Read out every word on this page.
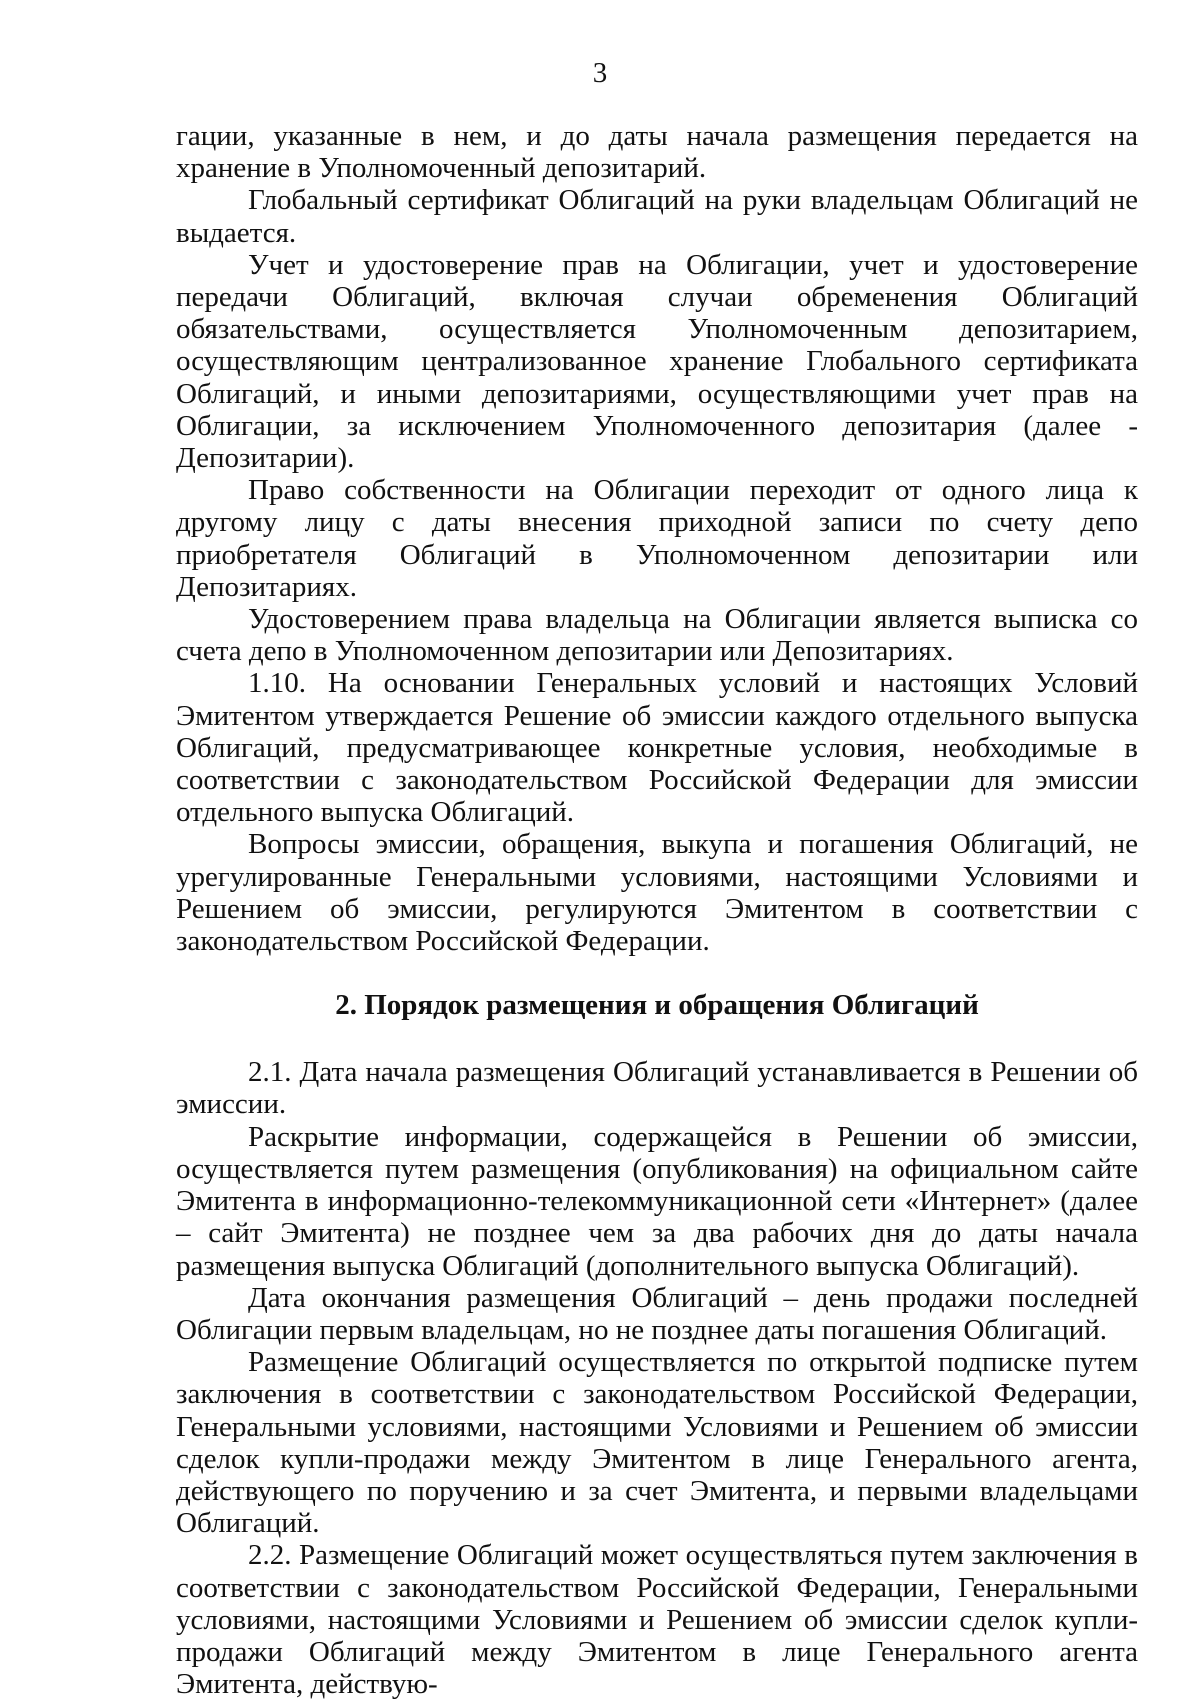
3

гации, указанные в нем, и до даты начала размещения передается на хранение в Уполномоченный депозитарий.

Глобальный сертификат Облигаций на руки владельцам Облигаций не выдается.

Учет и удостоверение прав на Облигации, учет и удостоверение передачи Облигаций, включая случаи обременения Облигаций обязательствами, осуществляется Уполномоченным депозитарием, осуществляющим централизованное хранение Глобального сертификата Облигаций, и иными депозитариями, осуществляющими учет прав на Облигации, за исключением Уполномоченного депозитария (далее - Депозитарии).

Право собственности на Облигации переходит от одного лица к другому лицу с даты внесения приходной записи по счету депо приобретателя Облигаций в Уполномоченном депозитарии или Депозитариях.

Удостоверением права владельца на Облигации является выписка со счета депо в Уполномоченном депозитарии или Депозитариях.

1.10. На основании Генеральных условий и настоящих Условий Эмитентом утверждается Решение об эмиссии каждого отдельного выпуска Облигаций, предусматривающее конкретные условия, необходимые в соответствии с законодательством Российской Федерации для эмиссии отдельного выпуска Облигаций.

Вопросы эмиссии, обращения, выкупа и погашения Облигаций, не урегулированные Генеральными условиями, настоящими Условиями и Решением об эмиссии, регулируются Эмитентом в соответствии с законодательством Российской Федерации.

2. Порядок размещения и обращения Облигаций

2.1. Дата начала размещения Облигаций устанавливается в Решении об эмиссии.

Раскрытие информации, содержащейся в Решении об эмиссии, осуществляется путем размещения (опубликования) на официальном сайте Эмитента в информационно-телекоммуникационной сети «Интернет» (далее – сайт Эмитента) не позднее чем за два рабочих дня до даты начала размещения выпуска Облигаций (дополнительного выпуска Облигаций).

Дата окончания размещения Облигаций – день продажи последней Облигации первым владельцам, но не позднее даты погашения Облигаций.

Размещение Облигаций осуществляется по открытой подписке путем заключения в соответствии с законодательством Российской Федерации, Генеральными условиями, настоящими Условиями и Решением об эмиссии сделок купли-продажи между Эмитентом в лице Генерального агента, действующего по поручению и за счет Эмитента, и первыми владельцами Облигаций.

2.2. Размещение Облигаций может осуществляться путем заключения в соответствии с законодательством Российской Федерации, Генеральными условиями, настоящими Условиями и Решением об эмиссии сделок купли-продажи Облигаций между Эмитентом в лице Генерального агента Эмитента, действую-
